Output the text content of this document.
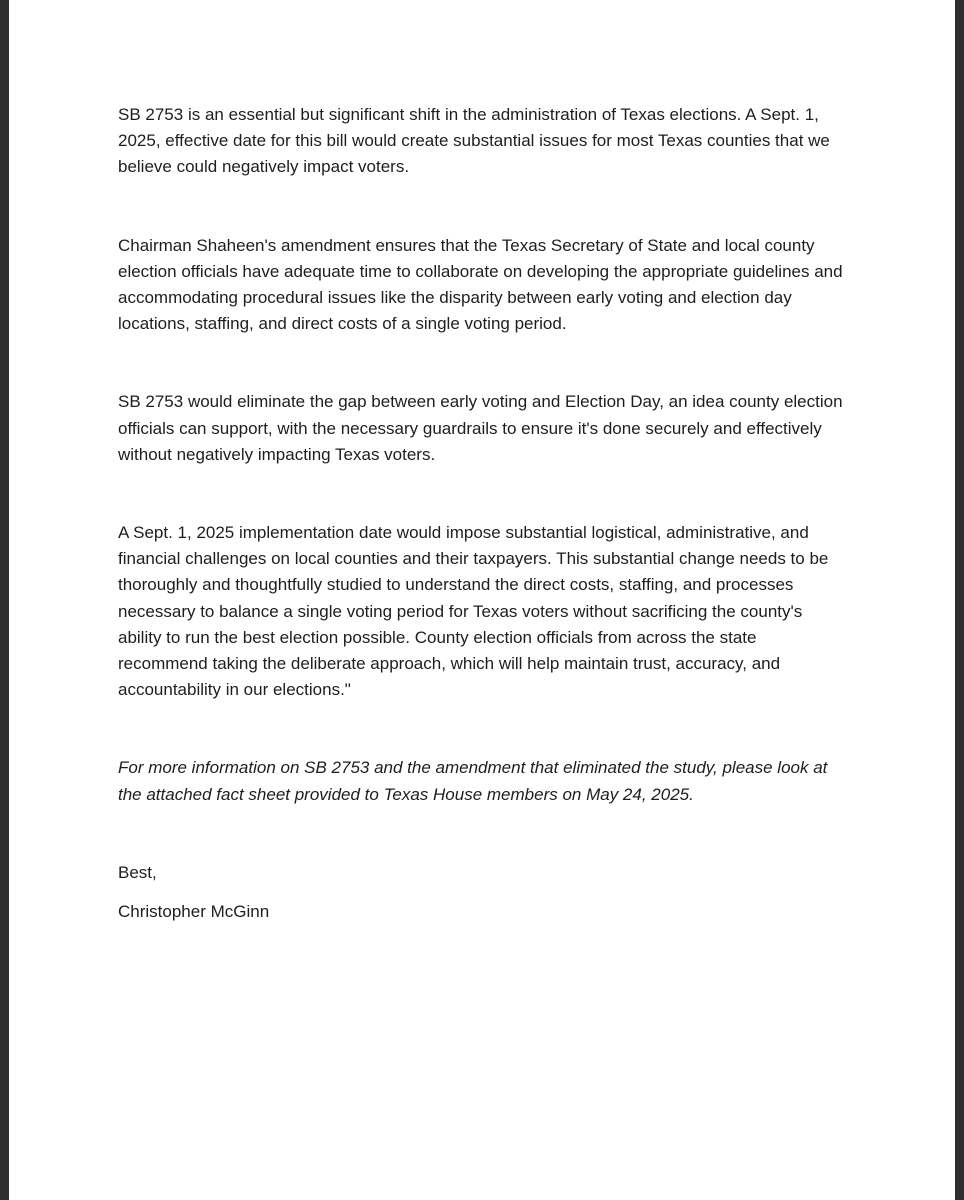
SB 2753 is an essential but significant shift in the administration of Texas elections. A Sept. 1, 2025, effective date for this bill would create substantial issues for most Texas counties that we believe could negatively impact voters.

Chairman Shaheen's amendment ensures that the Texas Secretary of State and local county election officials have adequate time to collaborate on developing the appropriate guidelines and accommodating procedural issues like the disparity between early voting and election day locations, staffing, and direct costs of a single voting period.

SB 2753 would eliminate the gap between early voting and Election Day, an idea county election officials can support, with the necessary guardrails to ensure it's done securely and effectively without negatively impacting Texas voters.

A Sept. 1, 2025 implementation date would impose substantial logistical, administrative, and financial challenges on local counties and their taxpayers. This substantial change needs to be thoroughly and thoughtfully studied to understand the direct costs, staffing, and processes necessary to balance a single voting period for Texas voters without sacrificing the county's ability to run the best election possible. County election officials from across the state recommend taking the deliberate approach, which will help maintain trust, accuracy, and accountability in our elections."

For more information on SB 2753 and the amendment that eliminated the study, please look at the attached fact sheet provided to Texas House members on May 24, 2025.

Best,

Christopher McGinn
